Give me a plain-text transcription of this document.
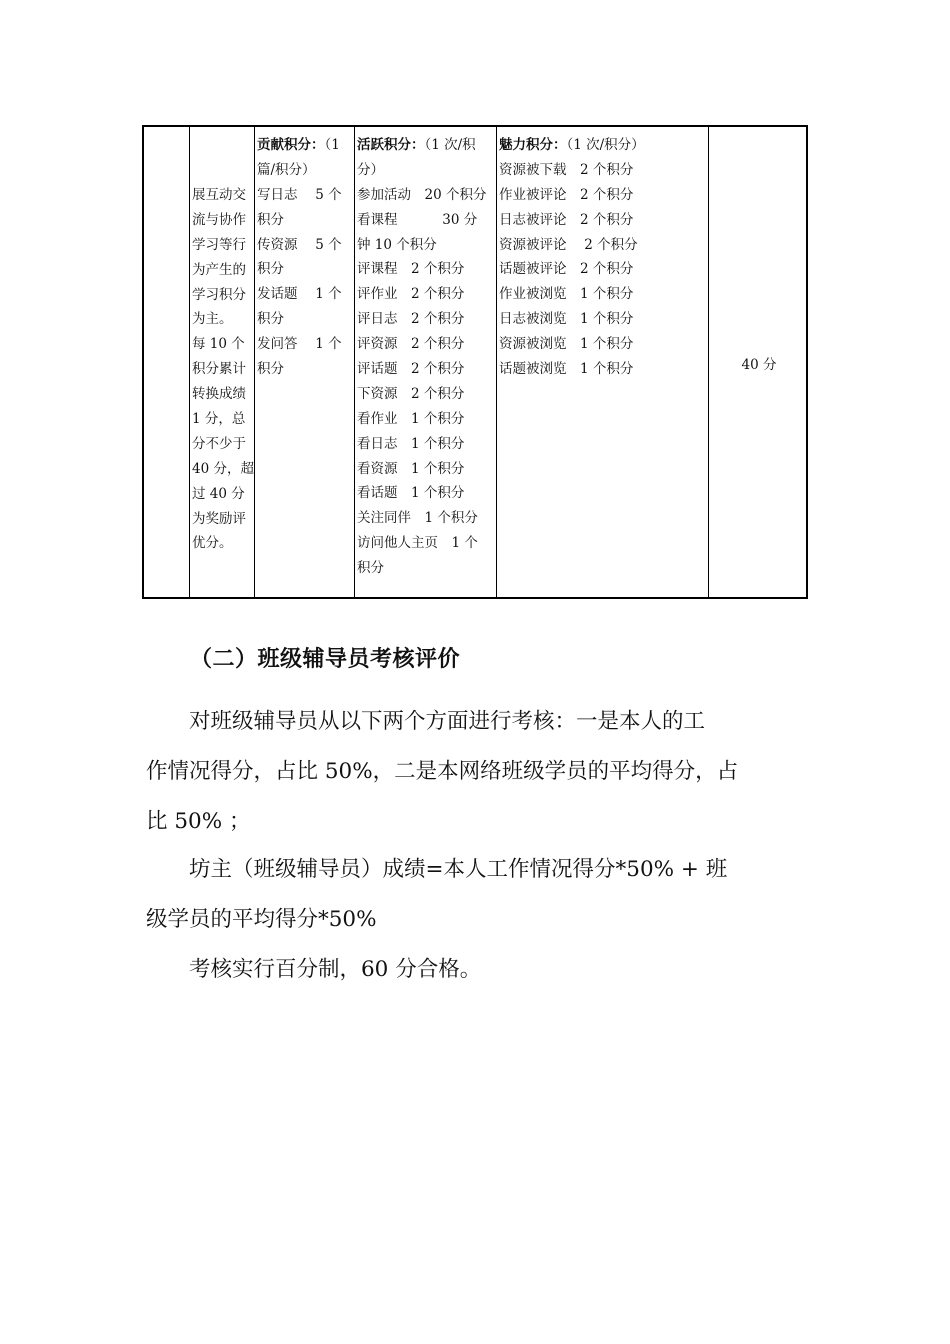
展互动交
流与协作
学习等行
为产生的
学习积分
为主。
每 10 个
积分累计
转换成绩
1 分，总
分不少于
40 分，超
过 40 分
为奖励评
优分。
贡献积分：（1
篇/积分）
写日志　 5 个
积分
传资源　 5 个
积分
发话题　 1 个
积分
发问答　 1 个
积分
活跃积分：（1 次/积
分）
参加活动　20 个积分
看课程　　　 30 分
钟 10 个积分
评课程　2 个积分
评作业　2 个积分
评日志　2 个积分
评资源　2 个积分
评话题　2 个积分
下资源　2 个积分
看作业　1 个积分
看日志　1 个积分
看资源　1 个积分
看话题　1 个积分
关注同伴　1 个积分
访问他人主页　1 个
积分
魅力积分：（1 次/积分）
资源被下载　2 个积分
作业被评论　2 个积分
日志被评论　2 个积分
资源被评论　 2 个积分
话题被评论　2 个积分
作业被浏览　1 个积分
日志被浏览　1 个积分
资源被浏览　1 个积分
话题被浏览　1 个积分	40 分
（二）班级辅导员考核评价
　　对班级辅导员从以下两个方面进行考核：一是本人的工
作情况得分，占比 50%，二是本网络班级学员的平均得分，占
比 50% ；
　　坊主（班级辅导员）成绩=本人工作情况得分*50% + 班
级学员的平均得分*50%
　　考核实行百分制，60 分合格。
